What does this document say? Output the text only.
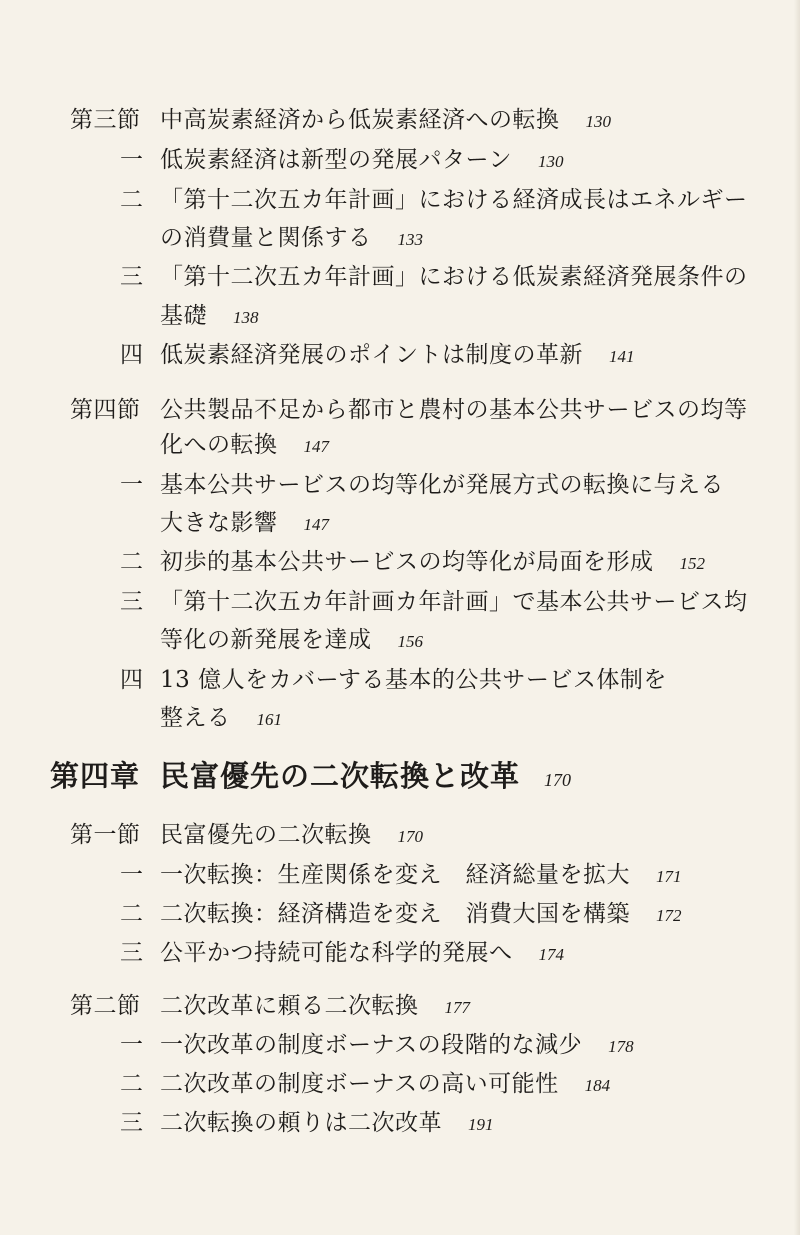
第三節 中高炭素経済から低炭素経済への転換 130
一 低炭素経済は新型の発展パターン 130
二 「第十二次五カ年計画」における経済成長はエネルギー
の消費量と関係する 133
三 「第十二次五カ年計画」における低炭素経済発展条件の
基礎 138
四 低炭素経済発展のポイントは制度の革新 141
第四節 公共製品不足から都市と農村の基本公共サービスの均等
化への転換 147
一 基本公共サービスの均等化が発展方式の転換に与える
大きな影響 147
二 初歩的基本公共サービスの均等化が局面を形成 152
三 「第十二次五カ年計画カ年計画」で基本公共サービス均
等化の新発展を達成 156
四 13 億人をカバーする基本的公共サービス体制を
整える 161
第四章 民富優先の二次転換と改革 170
第一節 民富優先の二次転換 170
一 一次転換：生産関係を変え　経済総量を拡大 171
二 二次転換：経済構造を変え　消費大国を構築 172
三 公平かつ持続可能な科学的発展へ 174
第二節 二次改革に頼る二次転換 177
一 一次改革の制度ボーナスの段階的な減少 178
二 二次改革の制度ボーナスの高い可能性 184
三 二次転換の頼りは二次改革 191
